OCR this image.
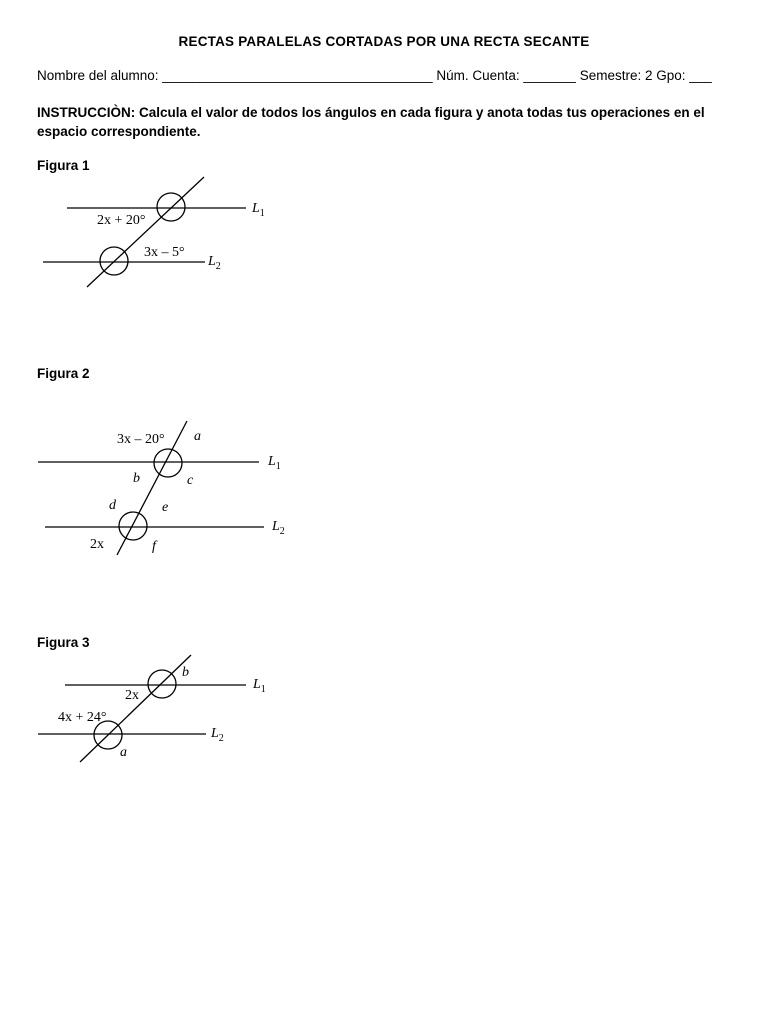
RECTAS PARALELAS CORTADAS POR UNA RECTA SECANTE
Nombre del alumno: ____________________________________ Núm. Cuenta: _______ Semestre: 2 Gpo: ___
INSTRUCCIÒN: Calcula el valor de todos los ángulos en cada figura y anota todas tus operaciones en el espacio correspondiente.
Figura 1
$L_1$
$L_2$
2x + 20°
3x – 5°
Figura 2
$L_1$
$L_2$
3x – 20° a
b	c
d	e
2x	f
Figura 3
$L_1$
$L_2$
b
2x
4x + 24°
a
